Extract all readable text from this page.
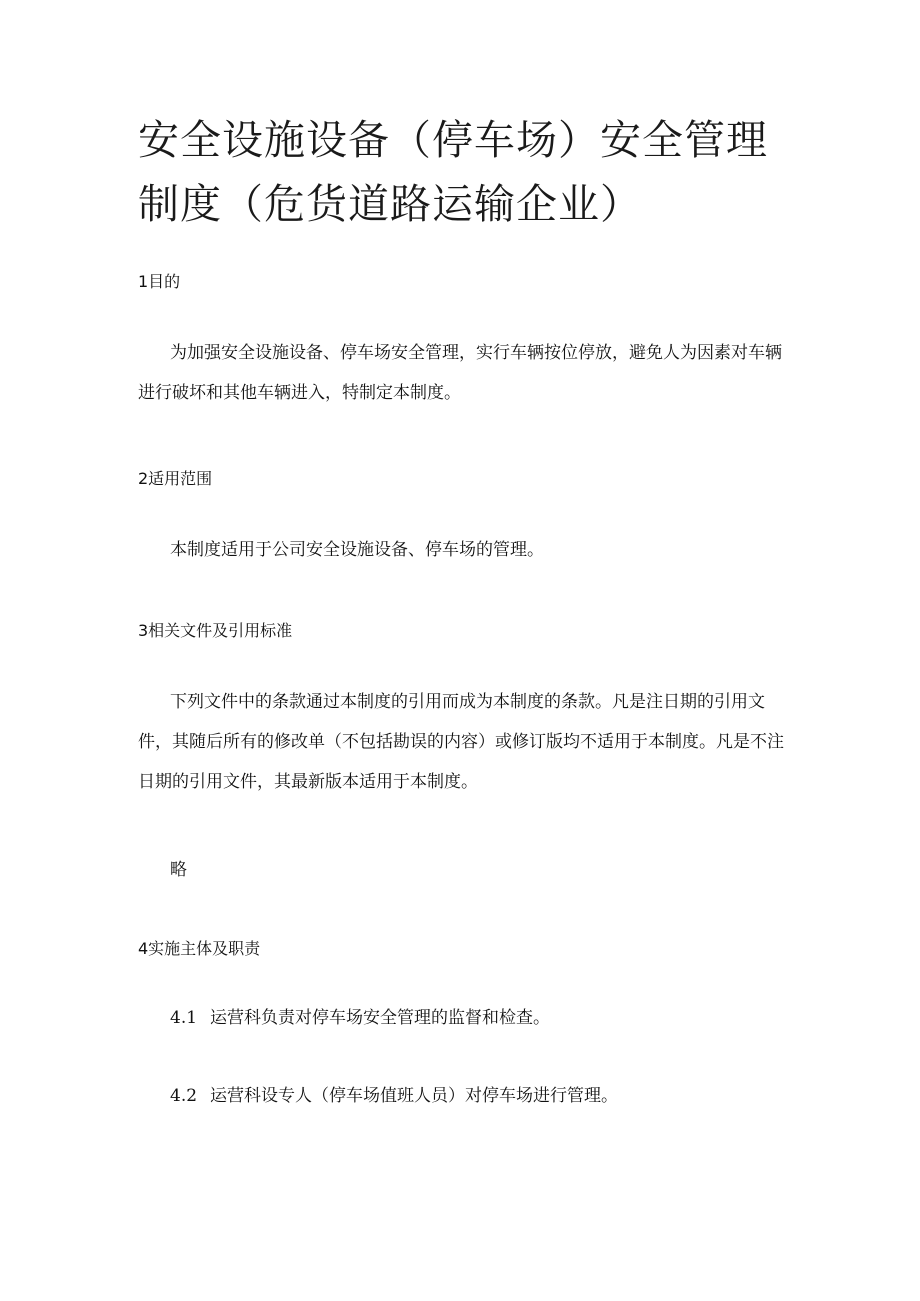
安全设施设备（停车场）安全管理制度（危货道路运输企业）
1目的

为加强安全设施设备、停车场安全管理，实行车辆按位停放，避免人为因素对车辆进行破坏和其他车辆进入，特制定本制度。

2适用范围

本制度适用于公司安全设施设备、停车场的管理。

3相关文件及引用标准

下列文件中的条款通过本制度的引用而成为本制度的条款。凡是注日期的引用文件，其随后所有的修改单（不包括勘误的内容）或修订版均不适用于本制度。凡是不注日期的引用文件，其最新版本适用于本制度。

略

4实施主体及职责

4.1 运营科负责对停车场安全管理的监督和检查。

4.2 运营科设专人（停车场值班人员）对停车场进行管理。
